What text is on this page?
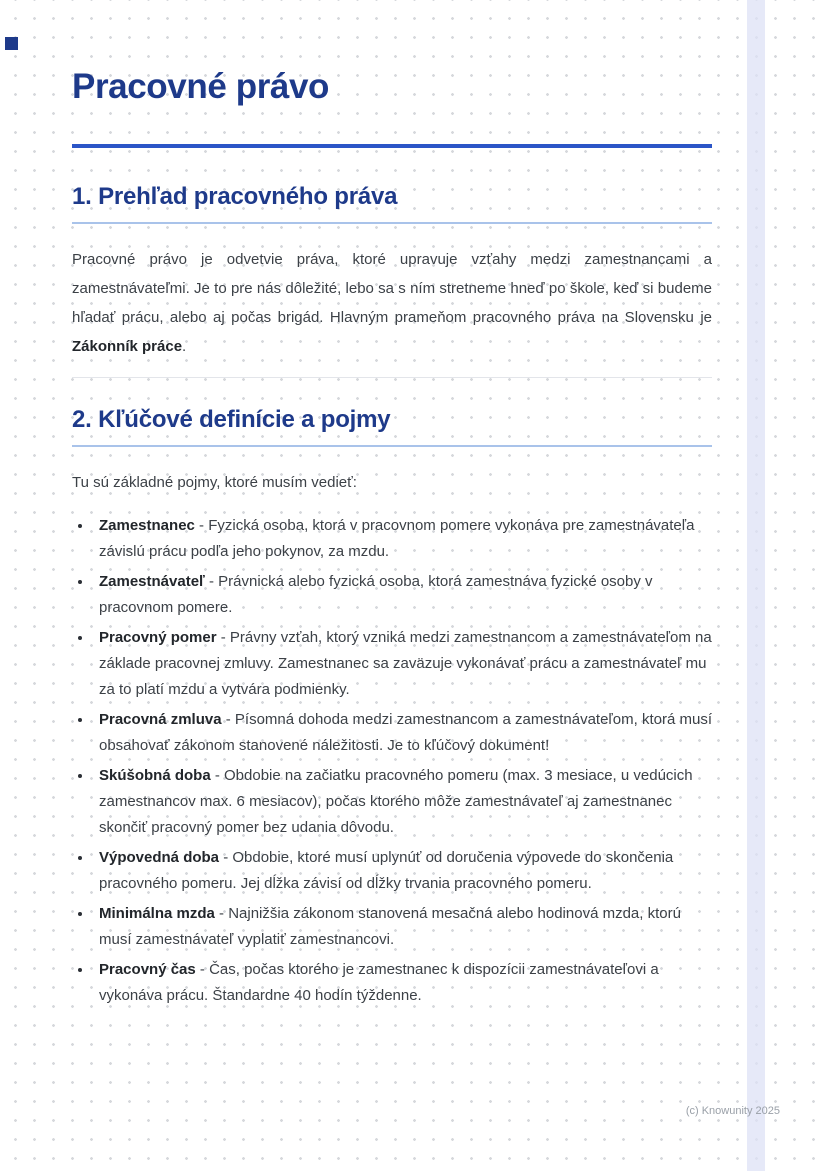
Pracovné právo
1. Prehľad pracovného práva

Pracovné právo je odvetvie práva, ktoré upravuje vzťahy medzi zamestnancami a zamestnávateľmi. Je to pre nás dôležité, lebo sa s ním stretneme hneď po škole, keď si budeme hľadať prácu, alebo aj počas brigád. Hlavným prameňom pracovného práva na Slovensku je Zákonník práce.

2. Kľúčové definície a pojmy

Tu sú základné pojmy, ktoré musím vedieť:

• Zamestnanec - Fyzická osoba, ktorá v pracovnom pomere vykonáva pre zamestnávateľa závislú prácu podľa jeho pokynov, za mzdu.
• Zamestnávateľ - Právnická alebo fyzická osoba, ktorá zamestnáva fyzické osoby v pracovnom pomere.
• Pracovný pomer - Právny vzťah, ktorý vzniká medzi zamestnancom a zamestnávateľom na základe pracovnej zmluvy. Zamestnanec sa zaväzuje vykonávať prácu a zamestnávateľ mu za to platí mzdu a vytvára podmienky.
• Pracovná zmluva - Písomná dohoda medzi zamestnancom a zamestnávateľom, ktorá musí obsahovať zákonom stanovené náležitosti. Je to kľúčový dokument!
• Skúšobná doba - Obdobie na začiatku pracovného pomeru (max. 3 mesiace, u vedúcich zamestnancov max. 6 mesiacov), počas ktorého môže zamestnávateľ aj zamestnanec skončiť pracovný pomer bez udania dôvodu.
• Výpovedná doba - Obdobie, ktoré musí uplynúť od doručenia výpovede do skončenia pracovného pomeru. Jej dĺžka závisí od dĺžky trvania pracovného pomeru.
• Minimálna mzda - Najnižšia zákonom stanovená mesačná alebo hodinová mzda, ktorú musí zamestnávateľ vyplatiť zamestnancovi.
• Pracovný čas - Čas, počas ktorého je zamestnanec k dispozícii zamestnávateľovi a vykonáva prácu. Štandardne 40 hodín týždenne.
(c) Knowunity 2025
